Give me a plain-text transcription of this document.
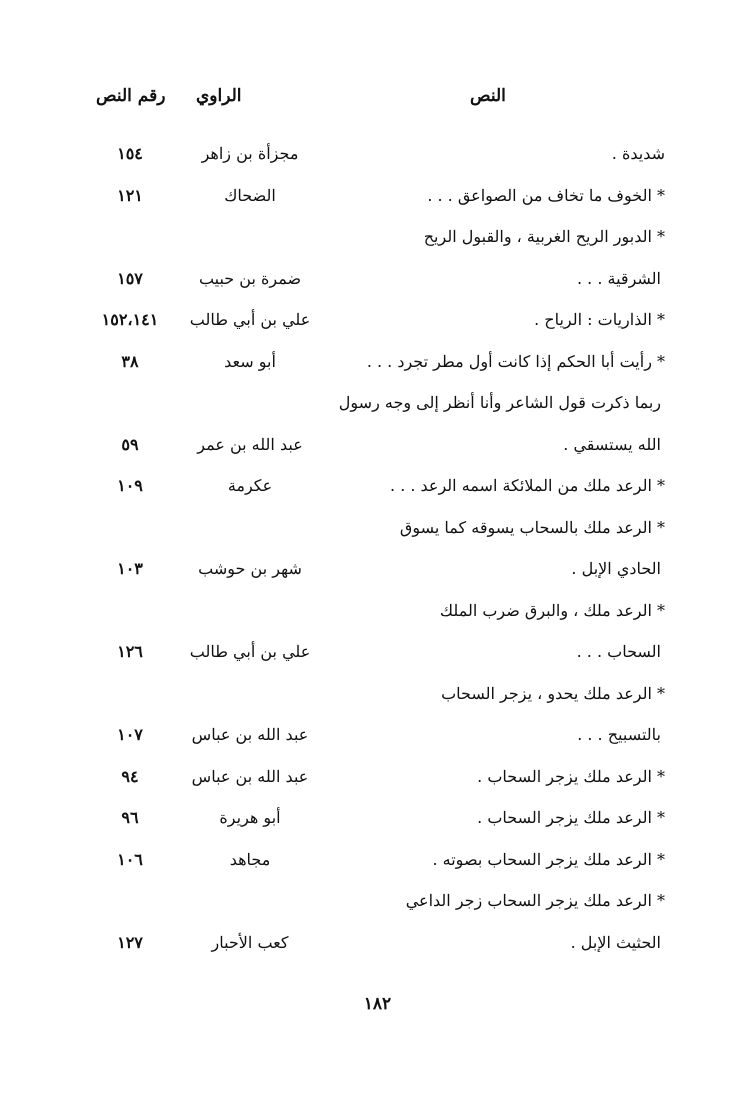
النص
الراوي
رقم النص
شديدة .
مجزأة بن زاهر
١٥٤
* الخوف ما تخاف من الصواعق . . .
الضحاك
١٢١
* الدبور الريح الغربية ، والقبول الريح
الشرقية . . .
ضمرة بن حبيب
١٥٧
* الذاريات : الرياح .
علي بن أبي طالب
١٥٢،١٤١
* رأيت أبا الحكم إذا كانت أول مطر تجرد . . .
أبو سعد
٣٨
ربما ذكرت قول الشاعر وأنا أنظر إلى وجه رسول
الله يستسقي .
عبد الله بن عمر
٥٩
* الرعد ملك من الملائكة اسمه الرعد . . .
عكرمة
١٠٩
* الرعد ملك بالسحاب يسوقه كما يسوق
الحادي الإبل .
شهر بن حوشب
١٠٣
* الرعد ملك ، والبرق ضرب الملك
السحاب . . .
علي بن أبي طالب
١٢٦
* الرعد ملك يحدو ، يزجر السحاب
بالتسبيح . . .
عبد الله بن عباس
١٠٧
* الرعد ملك يزجر السحاب .
عبد الله بن عباس
٩٤
* الرعد ملك يزجر السحاب .
أبو هريرة
٩٦
* الرعد ملك يزجر السحاب بصوته .
مجاهد
١٠٦
* الرعد ملك يزجر السحاب زجر الداعي
الحثيث الإبل .
كعب الأحبار
١٢٧
١٨٢
